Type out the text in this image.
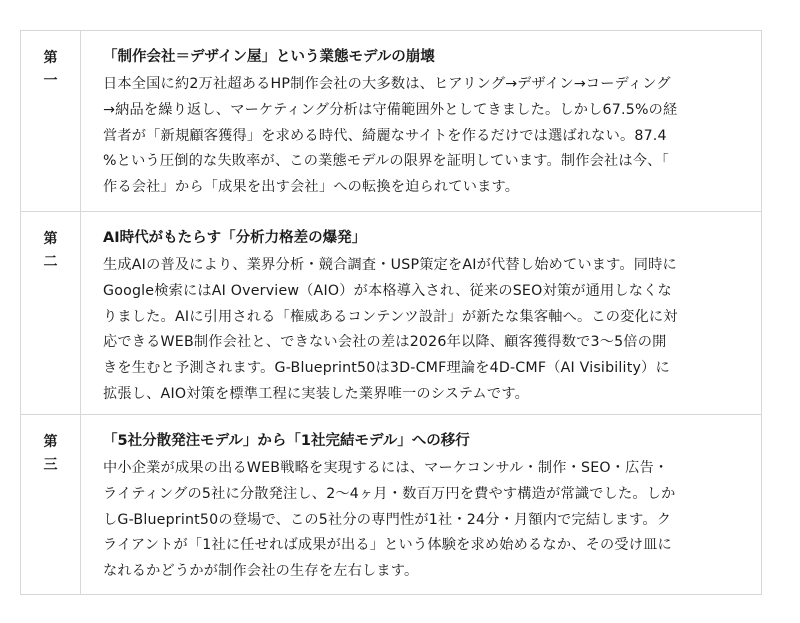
第
一
「制作会社＝デザイン屋」という業態モデルの崩壊

日本全国に約2万社超あるHP制作会社の大多数は、ヒアリング→デザイン→コーディング
→納品を繰り返し、マーケティング分析は守備範囲外としてきました。しかし67.5%の経
営者が「新規顧客獲得」を求める時代、綺麗なサイトを作るだけでは選ばれない。87.4
%という圧倒的な失敗率が、この業態モデルの限界を証明しています。制作会社は今、「
作る会社」から「成果を出す会社」への転換を迫られています。

第
二
AI時代がもたらす「分析力格差の爆発」

生成AIの普及により、業界分析・競合調査・USP策定をAIが代替し始めています。同時に
Google検索にはAI Overview（AIO）が本格導入され、従来のSEO対策が通用しなくな
りました。AIに引用される「権威あるコンテンツ設計」が新たな集客軸へ。この変化に対
応できるWEB制作会社と、できない会社の差は2026年以降、顧客獲得数で3〜5倍の開
きを生むと予測されます。G-Blueprint50は3D-CMF理論を4D-CMF（AI Visibility）に
拡張し、AIO対策を標準工程に実装した業界唯一のシステムです。

第
三
「5社分散発注モデル」から「1社完結モデル」への移行

中小企業が成果の出るWEB戦略を実現するには、マーケコンサル・制作・SEO・広告・
ライティングの5社に分散発注し、2〜4ヶ月・数百万円を費やす構造が常識でした。しか
しG-Blueprint50の登場で、この5社分の専門性が1社・24分・月額内で完結します。ク
ライアントが「1社に任せれば成果が出る」という体験を求め始めるなか、その受け皿に
なれるかどうかが制作会社の生存を左右します。
